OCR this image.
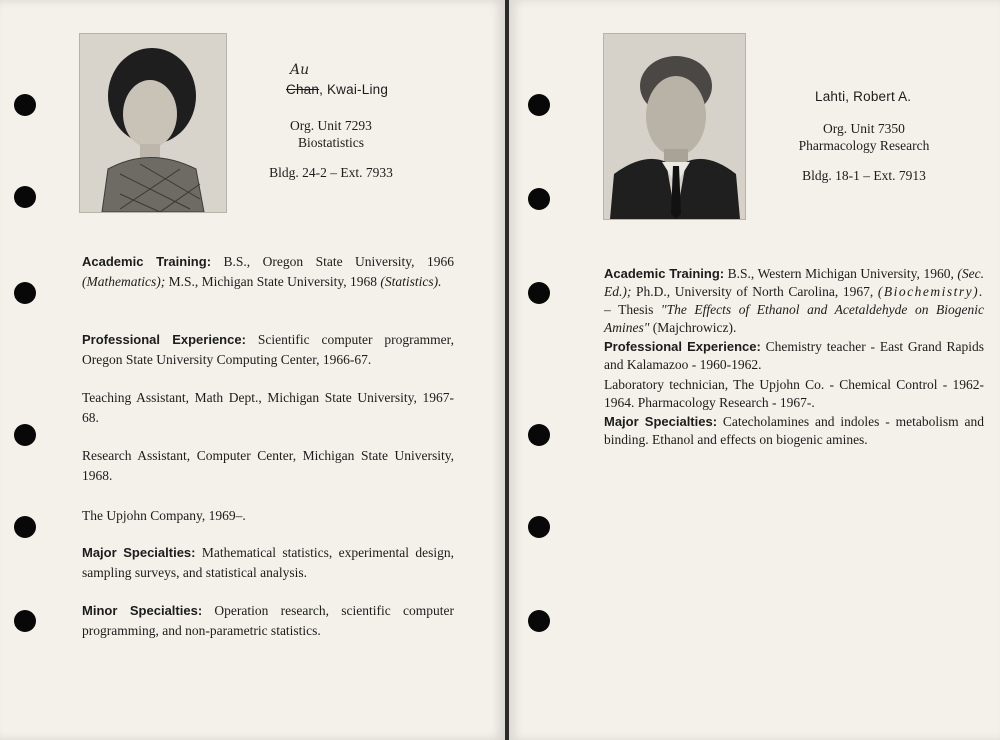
Au
Chan, Kwai-Ling
Org. Unit 7293
Biostatistics
Bldg. 24-2 – Ext. 7933
Academic Training: B.S., Oregon State University, 1966 (Mathematics); M.S., Michigan State University, 1968 (Statistics).
Professional Experience: Scientific computer programmer, Oregon State University Computing Center, 1966-67.
Teaching Assistant, Math Dept., Michigan State University, 1967-68.
Research Assistant, Computer Center, Michigan State University, 1968.
The Upjohn Company, 1969–.
Major Specialties: Mathematical statistics, experimental design, sampling surveys, and statistical analysis.
Minor Specialties: Operation research, scientific computer programming, and non-parametric statistics.
Lahti, Robert A.
Org. Unit 7350
Pharmacology Research
Bldg. 18-1 – Ext. 7913
Academic Training: B.S., Western Michigan University, 1960, (Sec. Ed.); Ph.D., University of North Carolina, 1967, (Biochemistry). – Thesis "The Effects of Ethanol and Acetaldehyde on Biogenic Amines" (Majchrowicz).
Professional Experience: Chemistry teacher - East Grand Rapids and Kalamazoo - 1960-1962.
Laboratory technician, The Upjohn Co. - Chemical Control - 1962-1964. Pharmacology Research - 1967-.
Major Specialties: Catecholamines and indoles - metabolism and binding. Ethanol and effects on biogenic amines.
